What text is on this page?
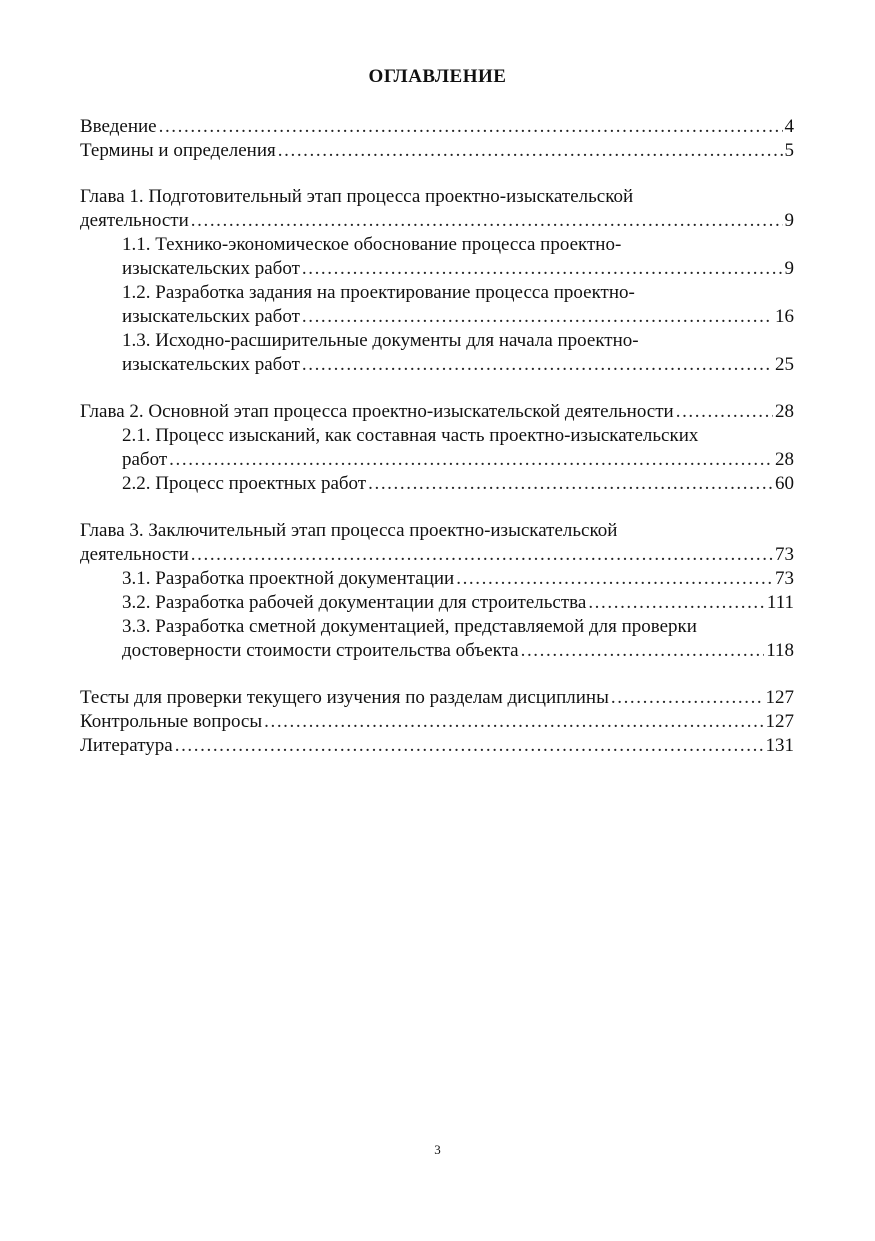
ОГЛАВЛЕНИЕ
Введение .....	4
Термины и определения .....	5
Глава 1. Подготовительный этап процесса проектно-изыскательской
деятельности .....	9
1.1. Технико-экономическое обоснование процесса проектно-
изыскательских работ .....	9
1.2. Разработка задания на проектирование процесса проектно-
изыскательских работ .....	16
1.3. Исходно-расширительные документы для начала проектно-
изыскательских работ .....	25
Глава 2. Основной этап процесса проектно-изыскательской деятельности .....	28
2.1. Процесс изысканий, как составная часть проектно-изыскательских
работ .....	28
2.2. Процесс проектных работ .....	60
Глава 3. Заключительный этап процесса проектно-изыскательской
деятельности .....	73
3.1. Разработка проектной документации .....	73
3.2. Разработка рабочей документации для строительства .....	111
3.3. Разработка сметной документацией, представляемой для проверки
достоверности стоимости строительства объекта .....	118
Тесты для проверки текущего изучения по разделам дисциплины .....	127
Контрольные вопросы .....	127
Литература .....	131
3
